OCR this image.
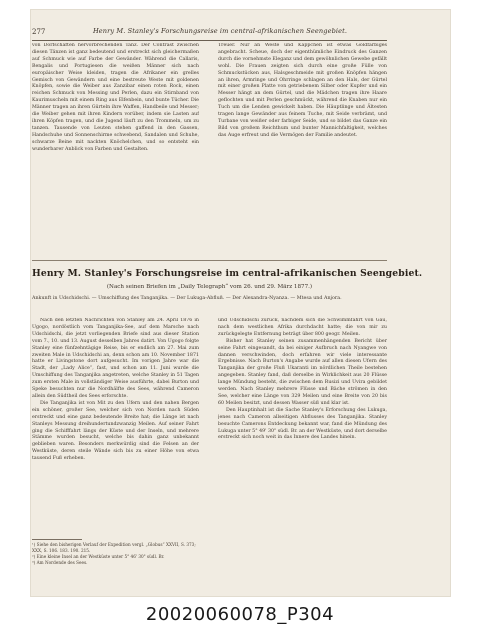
277	Henry M. Stanley's Forschungsreise im central-afrikanischen Seengebiet.

von Dorfschaften hervorbrechenden Tanz. Der Contrast zwischen diesen Tänzen ist ganz bedeutend und erstreckt sich gleichermaßen auf Schmuck wie auf Farbe der Gewänder. Während die Callaris, Bengalis und Portugiesen die weißen Männer sich nach europäischer Weise kleiden, tragen die Afrikaner ein grelles Gemisch von Gewändern und eine bestreute Weste mit goldenen Knöpfen, sowie die Weiber aus Zanzibar einen roten Rock, einen reichen Schmuck von Messing und Perlen, dazu ein Stirnband von Kaurimuscheln mit einem Ring aus Elfenbein, und bunte Tücher. Die Männer tragen an ihren Gürteln ihre Waffen, Handbeile und Messer; die Weiber gehen mit ihren Kindern vorüber, indem sie Lasten auf ihren Köpfen tragen, und die Jugend läuft zu den Trommeln, um zu tanzen. Tausende von Leuten stehen gaffend in den Gassen, Handschuhe und Sonnenschirme schwebend, Sandalen und Schuhe, schwarze Beine mit nackten Knöchelchen, und so entsteht ein wunderbarer Anblick von Farben und Gestalten.

Treuer. Nur an Weste und Käppchen ist etwas Goldfarbiges angebracht. Scheue, doch der eigenthümliche Eindruck des Ganzen durch die vornehmste Eleganz und dem gewöhnlichen Gewebe gefällt wohl. Die Frauen zeigten sich durch eine große Fülle von Schmuckstücken aus, Halsgeschmeide mit großen Knöpfen hängen an ihren, Armringe und Ohrringe schlagen an den Hals, der Gürtel mit einer großen Platte von getriebenem Silber oder Kupfer und ein Messer hängt an dem Gürtel, und die Mädchen tragen ihre Haare geflochten und mit Perlen geschmückt, während die Knaben nur ein Tuch um die Lenden gewickelt haben. Die Häuptlinge und Ältesten tragen lange Gewänder aus feinem Tuche, mit Seide verbrämt, und Turbane von weißer oder farbiger Seide, und so bildet das Ganze ein Bild von großem Reichthum und bunter Mannichfaltigkeit, welches das Auge erfreut und die Vermögen der Familie andeutet.

Henry M. Stanley's Forschungsreise im central-afrikanischen Seengebiet.
(Nach seinen Briefen im „Daily Telegraph“ vom 26. und 29. März 1877.)
Ankunft in Udschidschi. — Umschiffung des Tanganjika. — Der Lukuga-Abfluß. — Der Alexandra-Nyanza. — Mtesa und Anjora.

Nach den letzten Nachrichten von Stanley am 24. April 1876 in Ugogo, nordöstlich vom Tanganjika-See, auf dem Marsche nach Udschidschi, die jetzt vorliegenden Briefe sind aus dieser Station vom 7., 10. und 13. August desselben Jahres datirt. Von Ugogo folgte Stanley eine fünfzehntägige Reise, bis er endlich am 27. Mai zum zweiten Male in Udschidschi an, denn schon am 10. November 1871 hatte er Livingstone dort aufgesucht. Im vorigen Jahre war die Stadt, der „Lady Alice“, fast, und schon am 11. Juni wurde die Umschiffung des Tanganjika angetreten, welche Stanley in 51 Tagen zum ersten Male in vollständiger Weise ausführte, dabei Burton und Speke besuchten nur die Nordhälfte des Sees, während Cameron allein den Südtheil des Sees erforschte.

Die Tanganjika ist von Mit zu den Ufern und den nahen Bergen ein schöner, großer See, welcher sich von Norden nach Süden erstreckt und eine ganz bedeutende Breite hat; die Länge ist nach Stanleys Messung dreihundertundzwanzig Meilen. Auf seiner Fahrt ging die Schifffahrt längs der Küste und der Inseln, und mehrere Stämme wurden besucht, welche bis dahin ganz unbekannt geblieben waren. Besonders merkwürdig sind die Felsen an der Westküste, deren steile Wände sich bis zu einer Höhe von etwa tausend Fuß erheben.

und Udschidschi zurück, nachdem sich die Schwimmfahrt von Gau, nach dem westlichen Afrika durchdacht hatte; die von mir zu zurückgelegte Entfernung beträgt über 800 geogr. Meilen.

Bisher hat Stanley seinen zusammenhängenden Bericht über seine Fahrt eingesandt, da bei einiger Aufbruch nach Nyangwe von dannen verschwinden, doch erfahren wir viele interessante Ergebnisse. Nach Burton's Angabe wurde auf allen diesen Ufern des Tanganjika der große Fluß Ukaranti im nördlichen Theile bestehen angegeben. Stanley fand, daß derselbe in Wirklichkeit aus 20 Flüsse lange Mündung besteht, die zwischen dem Rusizi und Uvira gebildet werden. Nach Stanley mehrere Flüsse und Bäche strömen in den See, welcher eine Länge von 329 Meilen und eine Breite von 20 bis 60 Meilen besitzt, und dessen Wasser süß und klar ist.

Den Hauptinhalt ist die Sache Stanley's Erforschung des Lukuga, jenes nach Cameron allseitigen Abflusses des Tanganjika. Stanley besuchte Camerons Entdeckung bekannt war, fand die Mündung des Lukuga unter 5° 49' 30" südl. Br. an der Westküste, und dort derselbe erstreckt sich noch weit in das Innere des Landes hinein.

¹) Siehe den bisherigen Verlauf der Expedition vergl. „Globus“ XXVII, S. 373; XXX, S. 106. 183. 190. 215.
²) Eine kleine Insel an der Westküste unter 5° 46' 30" südl. Br.
³) Am Nordende des Sees.
20020060078_P304
